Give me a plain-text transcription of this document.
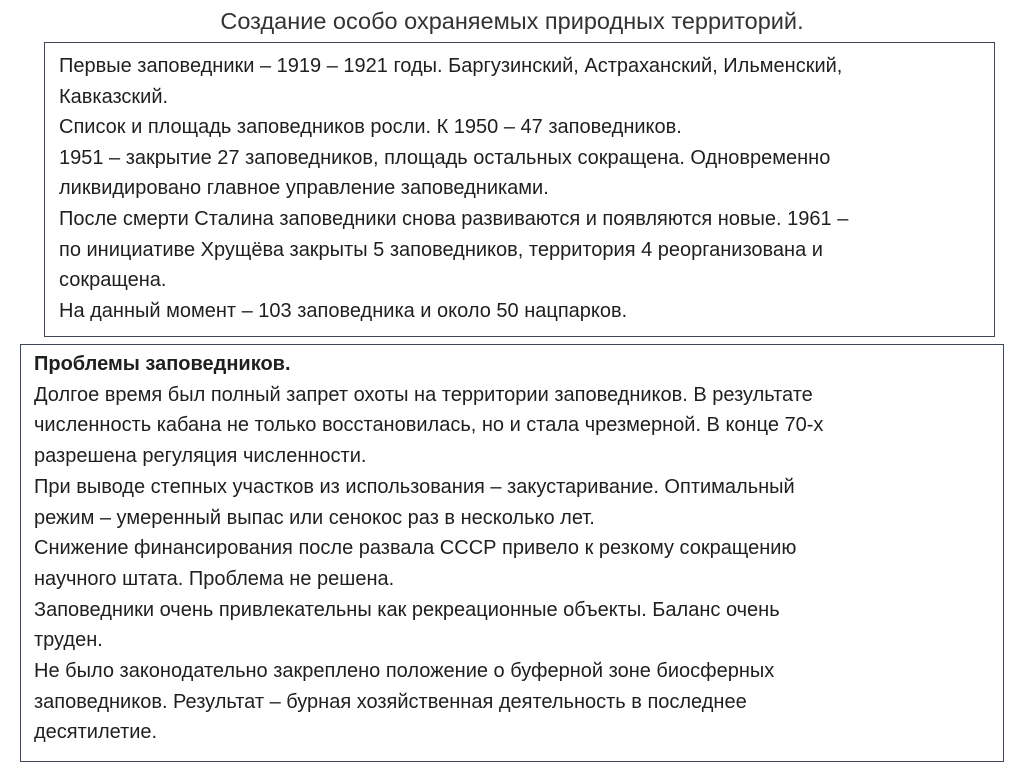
Создание особо охраняемых природных территорий.
Первые заповедники – 1919 – 1921 годы. Баргузинский, Астраханский, Ильменский,
Кавказский.
Список и площадь заповедников росли. К 1950 – 47 заповедников.
1951 – закрытие 27 заповедников, площадь остальных сокращена. Одновременно
ликвидировано главное управление заповедниками.
После смерти Сталина заповедники снова развиваются и появляются новые. 1961 –
по инициативе Хрущёва закрыты 5 заповедников, территория 4 реорганизована и
сокращена.
На данный момент – 103 заповедника и около 50 нацпарков.
Проблемы заповедников.
Долгое время был полный запрет охоты на территории заповедников. В результате
численность кабана не только восстановилась, но и стала чрезмерной. В конце 70-х
разрешена регуляция численности.
При выводе степных участков из использования – закустаривание. Оптимальный
режим – умеренный выпас или сенокос раз в несколько лет.
Снижение финансирования после развала СССР привело к резкому сокращению
научного штата. Проблема не решена.
Заповедники очень привлекательны как рекреационные объекты. Баланс очень
труден.
Не было законодательно закреплено положение о буферной зоне биосферных
заповедников. Результат – бурная хозяйственная деятельность в последнее
десятилетие.
